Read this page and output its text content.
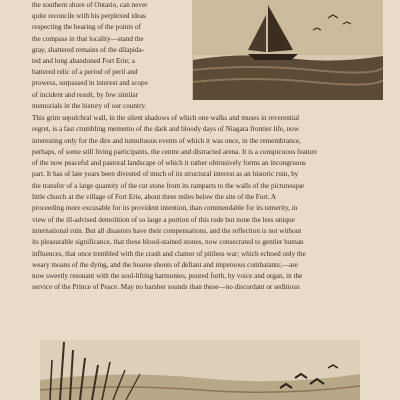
the southern shore of Ontario, can never
quite reconcile with his perplexed ideas
respecting the bearing of the points of
the compass in that locality—stand the
gray, shattered remains of the dilapida-
ted and long abandoned Fort Erie; a
battered relic of a period of peril and
prowess, surpassed in interest and scope
of incident and result, by few similar
memorials in the history of our country.
This grim sepulchral wall, in the silent shadows of which one walks and muses in reverential
regret, is a fast crumbling memento of the dark and bloody days of Niagara frontier life, now
interesting only for the dire and tumultuous events of which it was once, in the remembrance,
perhaps, of some still living participants, the centre and distracted arena. It is a conspicuous feature
of the now peaceful and pastoral landscape of which it rather obtrusively forms an incongruous
part. It has of late years been divested of much of its structural interest as an historic ruin, by
the transfer of a large quantity of the cut stone from its ramparts to the walls of the picturesque
little church at the village of Fort Erie, about three miles below the site of the Fort. A
proceeding more excusable for its provident intention, than commendable for its temerity, in
view of the ill-advised demolition of so large a portion of this rude but none the less unique
international ruin. But all disasters have their compensations, and the reflection is not without
its pleasurable significance, that these blood-stained stones, now consecrated to gentler human
influences, that once trembled with the crash and clamor of pitiless war; which echoed only the
weary moans of the dying, and the hoarse shouts of defiant and impetuous combatants;—are
now sweetly resonant with the soul-lifting harmonies, poured forth, by voice and organ, in the
service of the Prince of Peace. May no harsher sounds than these—no discordant or seditious
